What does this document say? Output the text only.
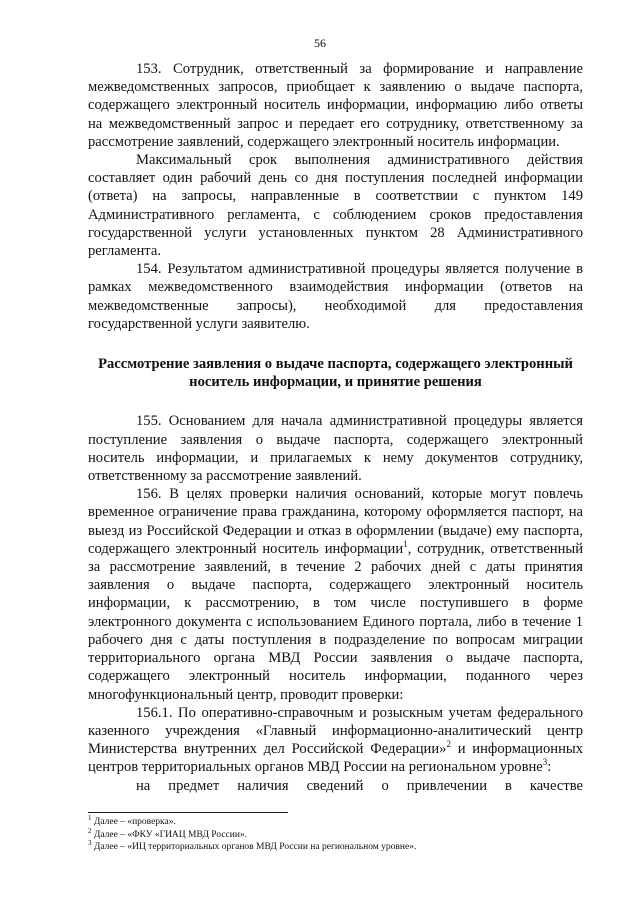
56

153. Сотрудник, ответственный за формирование и направление межведомственных запросов, приобщает к заявлению о выдаче паспорта, содержащего электронный носитель информации, информацию либо ответы на межведомственный запрос и передает его сотруднику, ответственному за рассмотрение заявлений, содержащего электронный носитель информации.

Максимальный срок выполнения административного действия составляет один рабочий день со дня поступления последней информации (ответа) на запросы, направленные в соответствии с пунктом 149 Административного регламента, с соблюдением сроков предоставления государственной услуги установленных пунктом 28 Административного регламента.

154. Результатом административной процедуры является получение в рамках межведомственного взаимодействия информации (ответов на межведомственные запросы), необходимой для предоставления государственной услуги заявителю.

Рассмотрение заявления о выдаче паспорта, содержащего электронный носитель информации, и принятие решения

155. Основанием для начала административной процедуры является поступление заявления о выдаче паспорта, содержащего электронный носитель информации, и прилагаемых к нему документов сотруднику, ответственному за рассмотрение заявлений.

156. В целях проверки наличия оснований, которые могут повлечь временное ограничение права гражданина, которому оформляется паспорт, на выезд из Российской Федерации и отказ в оформлении (выдаче) ему паспорта, содержащего электронный носитель информации$^1$, сотрудник, ответственный за рассмотрение заявлений, в течение 2 рабочих дней с даты принятия заявления о выдаче паспорта, содержащего электронный носитель информации, к рассмотрению, в том числе поступившего в форме электронного документа с использованием Единого портала, либо в течение 1 рабочего дня с даты поступления в подразделение по вопросам миграции территориального органа МВД России заявления о выдаче паспорта, содержащего электронный носитель информации, поданного через многофункциональный центр, проводит проверки:

156.1. По оперативно-справочным и розыскным учетам федерального казенного учреждения «Главный информационно-аналитический центр Министерства внутренних дел Российской Федерации»$^2$ и информационных центров территориальных органов МВД России на региональном уровне$^3$:

на предмет наличия сведений о привлечении в качестве

$^1$ Далее – «проверка».
$^2$ Далее – «ФКУ «ГИАЦ МВД России».
$^3$ Далее – «ИЦ территориальных органов МВД России на региональном уровне».
